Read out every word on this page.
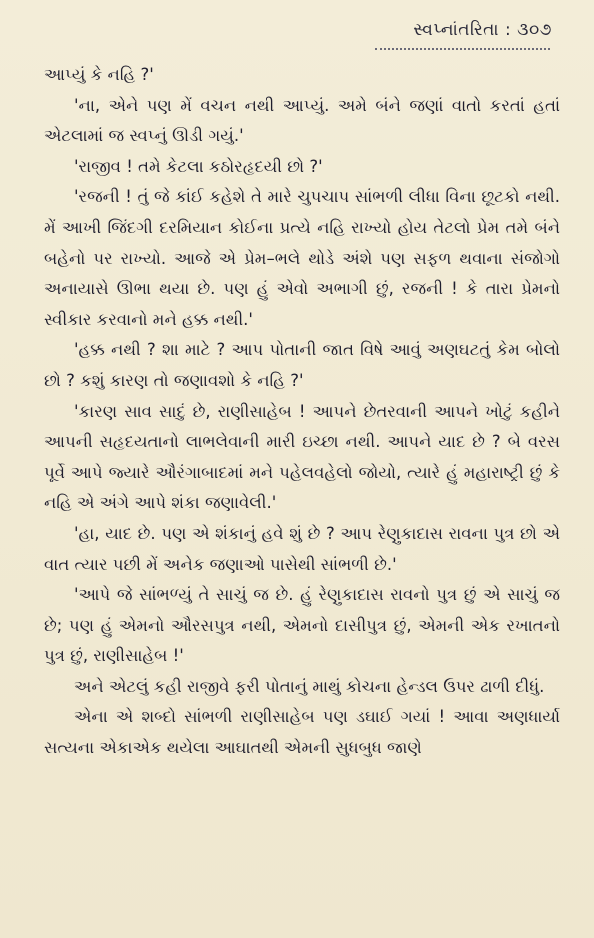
સ્વપ્નાંતરિતા : ૩૦૭

આપ્યું કે નહિ ?'

'ના, એને પણ મેં વચન નથી આપ્યું. અમે બંને જણાં વાતો કરતાં હતાં એટલામાં જ સ્વપ્નું ઊડી ગયું.'

'રાજીવ ! તમે કેટલા કઠોરહૃદયી છો ?'

'રજની ! તું જે કાંઈ કહેશે તે મારે ચુપચાપ સાંભળી લીધા વિના છૂટકો નથી. મેં આખી જિંદગી દરમિયાન કોઈના પ્રત્યે નહિ રાખ્યો હોય તેટલો પ્રેમ તમે બંને બહેનો પર રાખ્યો. આજે એ પ્રેમ–ભલે થોડે અંશે પણ સફળ થવાના સંજોગો અનાયાસે ઊભા થયા છે. પણ હું એવો અભાગી છું, રજની ! કે તારા પ્રેમનો સ્વીકાર કરવાનો મને હક્ક નથી.'

'હક્ક નથી ? શા માટે ? આપ પોતાની જાત વિષે આવું અણઘટતું કેમ બોલો છો ? કશું કારણ તો જણાવશો કે નહિ ?'

'કારણ સાવ સાદું છે, રાણીસાહેબ ! આપને છેતરવાની આપને ખોટું કહીને આપની સહૃદયતાનો લાભલેવાની મારી ઇચ્છા નથી. આપને યાદ છે ? બે વરસ પૂર્વે આપે જ્યારે ઔરંગાબાદમાં મને પહેલવહેલો જોયો, ત્યારે હું મહારાષ્ટ્રી છું કે નહિ એ અંગે આપે શંકા જણાવેલી.'

'હા, યાદ છે. પણ એ શંકાનું હવે શું છે ? આપ રેણુકાદાસ રાવના પુત્ર છો એ વાત ત્યાર પછી મેં અનેક જણાઓ પાસેથી સાંભળી છે.'

'આપે જે સાંભળ્યું તે સાચું જ છે. હું રેણુકાદાસ રાવનો પુત્ર છું એ સાચું જ છે; પણ હું એમનો ઔરસપુત્ર નથી, એમનો દાસીપુત્ર છું, એમની એક રખાતનો પુત્ર છું, રાણીસાહેબ !'

અને એટલું કહી રાજીવે ફરી પોતાનું માથું કોચના હેન્ડલ ઉપર ઢાળી દીધું.

એના એ શબ્દો સાંભળી રાણીસાહેબ પણ ડઘાઈ ગયાં ! આવા અણધાર્યા સત્યના એકાએક થયેલા આઘાતથી એમની સુધબુધ જાણે
